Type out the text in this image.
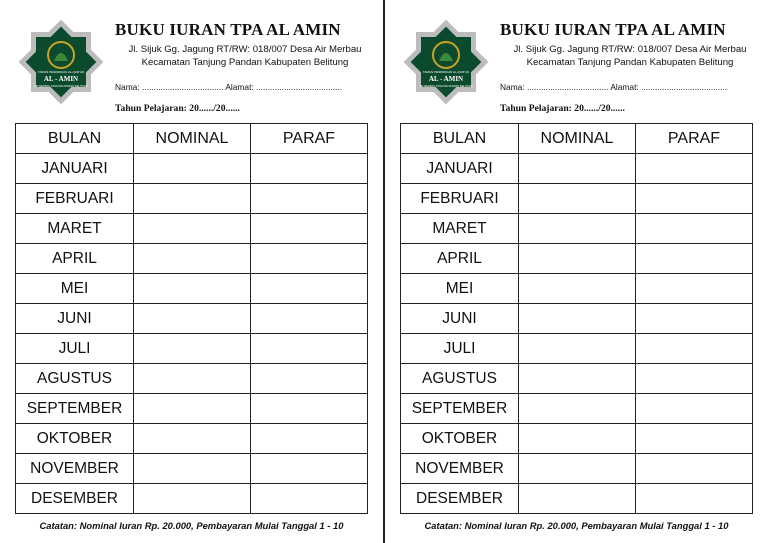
TAMAN PENDIDIKAN AL-QUR'AN
AL - AMIN
AIR MERBAU TANJUNG PANDAN BELITUNG
BUKU IURAN TPA AL AMIN
Jl. Sijuk Gg. Jagung RT/RW: 018/007 Desa Air Merbau
Kecamatan Tanjung Pandan Kabupaten Belitung
Nama: ................................... Alamat: .....................................
Tahun Pelajaran: 20....../20......
BULAN	NOMINAL	PARAF
JANUARI		
FEBRUARI		
MARET		
APRIL		
MEI		
JUNI		
JULI		
AGUSTUS		
SEPTEMBER		
OKTOBER		
NOVEMBER		
DESEMBER		
Catatan: Nominal Iuran Rp. 20.000, Pembayaran Mulai Tanggal 1 - 10
TAMAN PENDIDIKAN AL-QUR'AN
AL - AMIN
AIR MERBAU TANJUNG PANDAN BELITUNG
BUKU IURAN TPA AL AMIN
Jl. Sijuk Gg. Jagung RT/RW: 018/007 Desa Air Merbau
Kecamatan Tanjung Pandan Kabupaten Belitung
Nama: ................................... Alamat: .....................................
Tahun Pelajaran: 20....../20......
BULAN	NOMINAL	PARAF
JANUARI		
FEBRUARI		
MARET		
APRIL		
MEI		
JUNI		
JULI		
AGUSTUS		
SEPTEMBER		
OKTOBER		
NOVEMBER		
DESEMBER		
Catatan: Nominal Iuran Rp. 20.000, Pembayaran Mulai Tanggal 1 - 10
